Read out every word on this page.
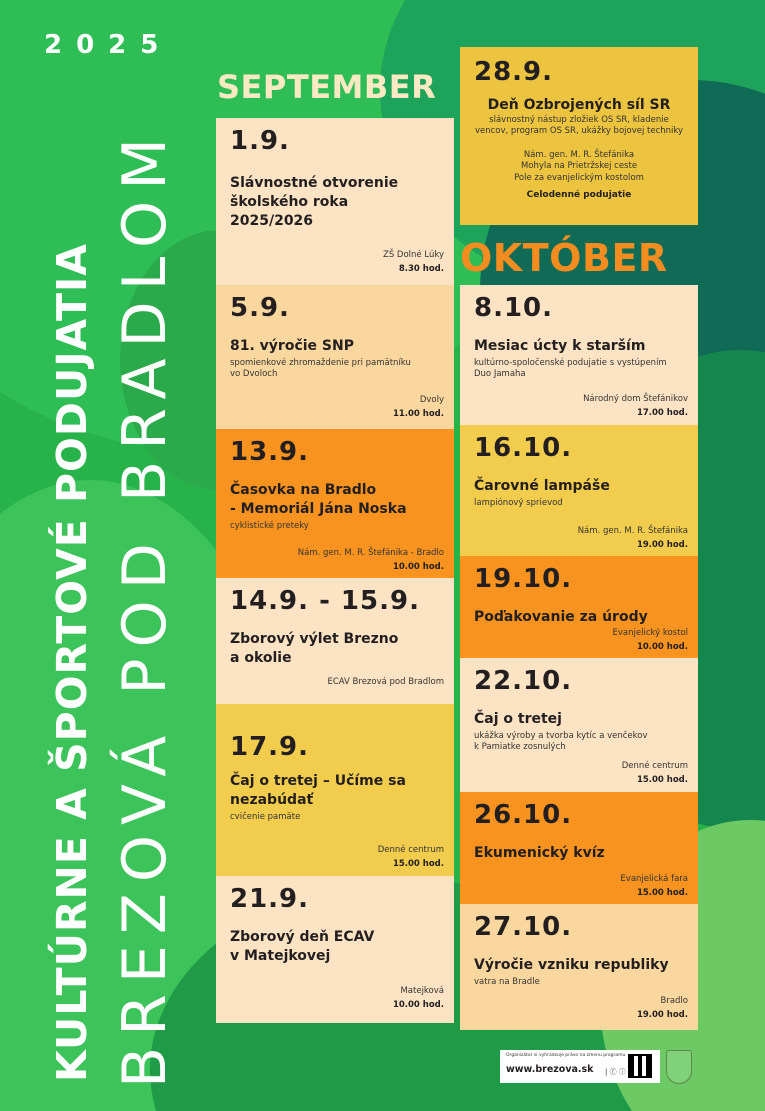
2025
KULTÚRNE A ŠPORTOVÉ PODUJATIA BREZOVÁ POD BRADLOM
SEPTEMBER
OKTÓBER
28.9.
Deň Ozbrojených síl SR
slávnostný nástup zložiek OS SR, kladenie
vencov, program OS SR, ukážky bojovej techniky
Nám. gen. M. R. Štefánika
Mohyla na Prietržskej ceste
Pole za evanjelickým kostolom
Celodenné podujatie
1.9.
Slávnostné otvorenie
školského roka
2025/2026
ZŠ Dolné Lúky
8.30 hod.
5.9.
81. výročie SNP
spomienkové zhromaždenie pri pamätníku
vo Dvoloch
Dvoly
11.00 hod.
13.9.
Časovka na Bradlo
- Memoriál Jána Noska
cyklistické preteky
Nám. gen. M. R. Štefánika - Bradlo
10.00 hod.
14.9. - 15.9.
Zborový výlet Brezno
a okolie
ECAV Brezová pod Bradlom
17.9.
Čaj o tretej – Učíme sa
nezabúdať
cvičenie pamäte
Denné centrum
15.00 hod.
21.9.
Zborový deň ECAV
v Matejkovej
Matejková
10.00 hod.
8.10.
Mesiac úcty k starším
kultúrno-spoločenské podujatie s vystúpením
Duo Jamaha
Národný dom Štefánikov
17.00 hod.
16.10.
Čarovné lampáše
lampiónový sprievod
Nám. gen. M. R. Štefánika
19.00 hod.
19.10.
Poďakovanie za úrody
Evanjelický kostol
10.00 hod.
22.10.
Čaj o tretej
ukážka výroby a tvorba kytíc a venčekov
k Pamiatke zosnulých
Denné centrum
15.00 hod.
26.10.
Ekumenický kvíz
Evanjelická fara
15.00 hod.
27.10.
Výročie vzniku republiky
vatra na Bradle
Bradlo
19.00 hod.
Organizátor si vyhradzuje právo na zmenu programu
www.brezova.sk	| ⓕ ⓘ
